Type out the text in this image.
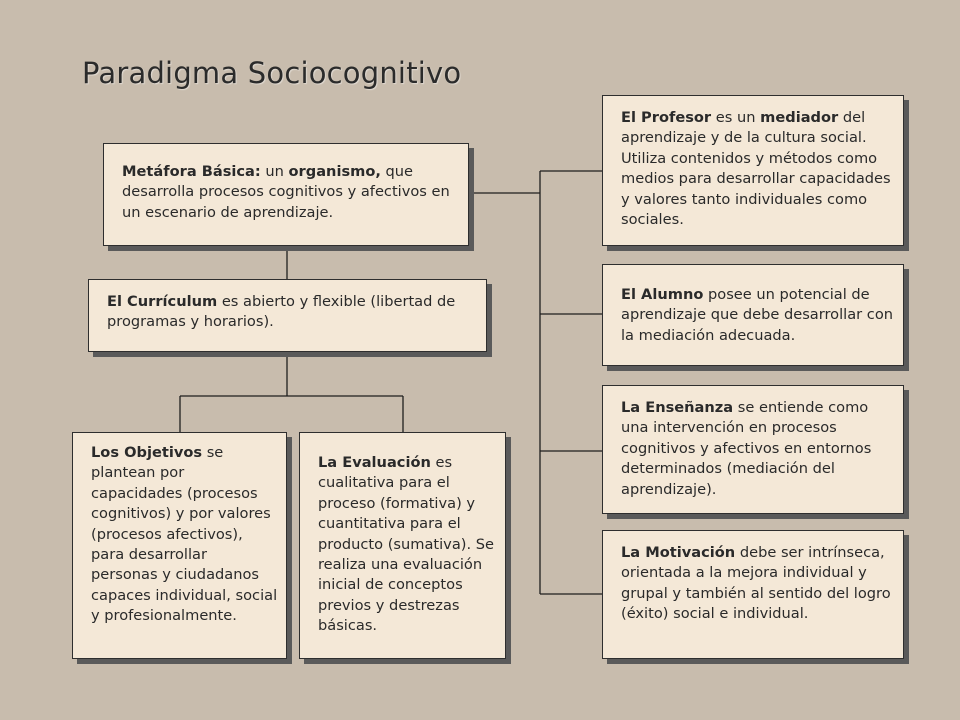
Paradigma Sociocognitivo
Metáfora Básica: un organismo, que desarrolla procesos cognitivos y afectivos en un escenario de aprendizaje.
El Currículum es abierto y flexible (libertad de programas y horarios).
Los Objetivos se plantean por capacidades (procesos cognitivos) y por valores (procesos afectivos), para desarrollar personas y ciudadanos capaces individual, social y profesionalmente.
La Evaluación es cualitativa para el proceso (formativa) y cuantitativa para el producto (sumativa). Se realiza una evaluación inicial de conceptos previos y destrezas básicas.
El Profesor es un mediador del aprendizaje y de la cultura social. Utiliza contenidos y métodos como medios para desarrollar capacidades y valores tanto individuales como sociales.
El Alumno posee un potencial de aprendizaje que debe desarrollar con la mediación adecuada.
La Enseñanza se entiende como una intervención en procesos cognitivos y afectivos en entornos determinados (mediación del aprendizaje).
La Motivación debe ser intrínseca, orientada a la mejora individual y grupal y también al sentido del logro (éxito) social e individual.
